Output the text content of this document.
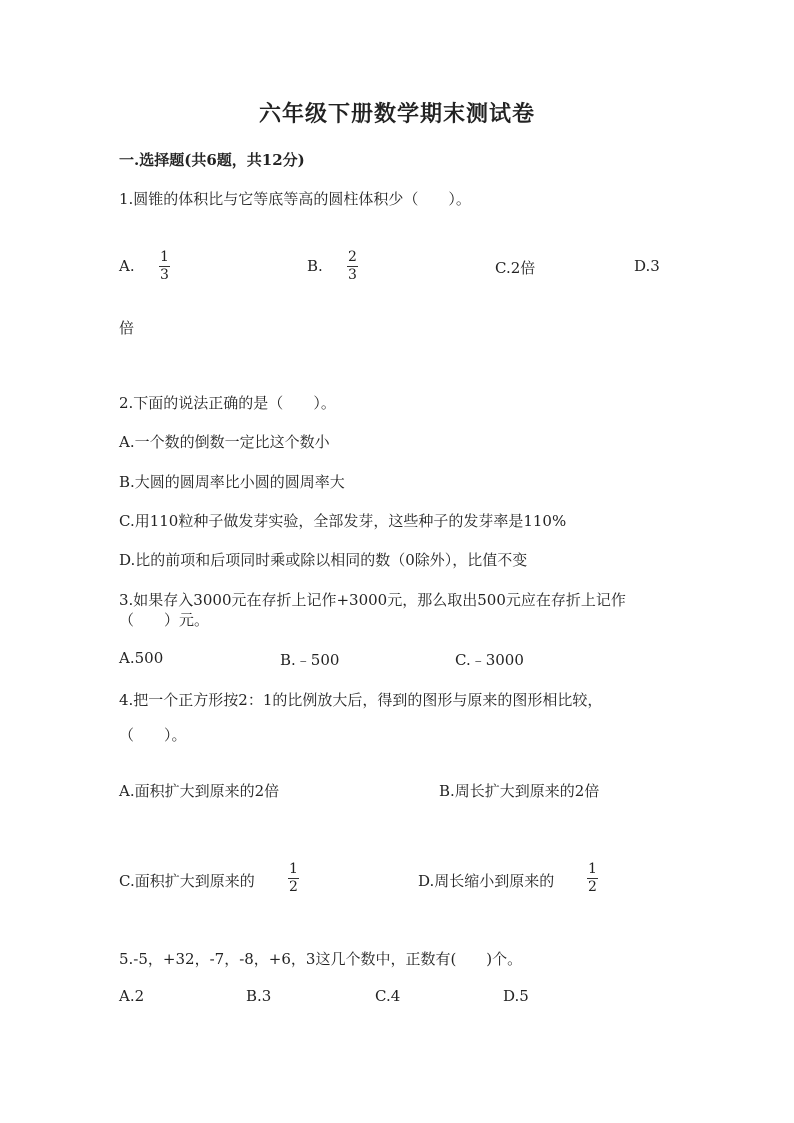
六年级下册数学期末测试卷
一.选择题(共6题，共12分)
1.圆锥的体积比与它等底等高的圆柱体积少（　　）。
A. 1
3	B. 2
3	C.2倍	D.3
倍
2.下面的说法正确的是（　　）。
A.一个数的倒数一定比这个数小
B.大圆的圆周率比小圆的圆周率大
C.用110粒种子做发芽实验，全部发芽，这些种子的发芽率是110%
D.比的前项和后项同时乘或除以相同的数（0除外），比值不变
3.如果存入3000元在存折上记作+3000元，那么取出500元应在存折上记作
（　　）元。
A.500	B.﹣500	C.﹣3000
4.把一个正方形按2：1的比例放大后，得到的图形与原来的图形相比较，
（　　）。
A.面积扩大到原来的2倍	B.周长扩大到原来的2倍
C.面积扩大到原来的
1
2	D.周长缩小到原来的
1
2
5.-5，+32，-7，-8，+6，3这几个数中，正数有(　　)个。
A.2	B.3	C.4	D.5
